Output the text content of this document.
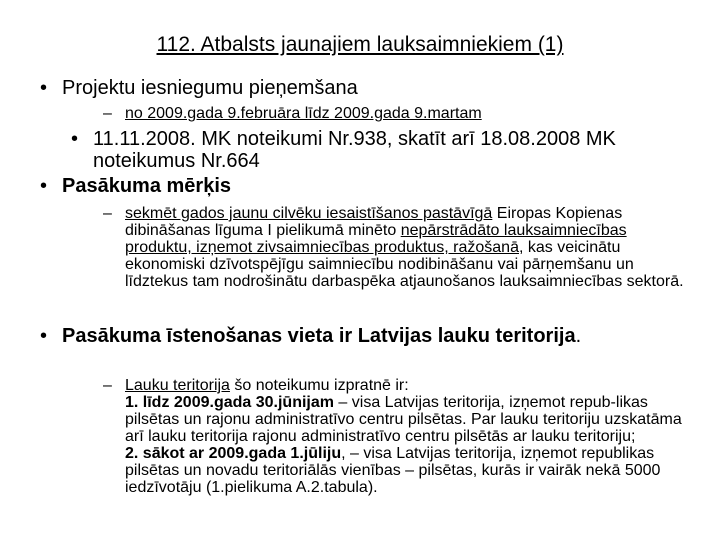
112. Atbalsts jaunajiem lauksaimniekiem (1)
• Projektu iesniegumu pieņemšana
– no 2009.gada 9.februāra līdz 2009.gada 9.martam
• 11.11.2008. MK noteikumi Nr.938, skatīt arī 18.08.2008 MK
noteikumus Nr.664
• Pasākuma mērķis
– sekmēt gados jaunu cilvēku iesaistīšanos pastāvīgā Eiropas Kopienas dibināšanas līguma I pielikumā minēto nepārstrādāto lauksaimniecības produktu, izņemot zivsaimniecības produktus, ražošanā, kas veicinātu ekonomiski dzīvotspējīgu saimniecību nodibināšanu vai pārņemšanu un līdztekus tam nodrošinātu darbaspēka atjaunošanos lauksaimniecības sektorā.
• Pasākuma īstenošanas vieta ir Latvijas lauku teritorija.
– Lauku teritorija šo noteikumu izpratnē ir:
1. līdz 2009.gada 30.jūnijam – visa Latvijas teritorija, izņemot repub-likas pilsētas un rajonu administratīvo centru pilsētas. Par lauku teritoriju uzskatāma arī lauku teritorija rajonu administratīvo centru pilsētās ar lauku teritoriju;
2. sākot ar 2009.gada 1.jūliju, – visa Latvijas teritorija, izņemot republikas pilsētas un novadu teritoriālās vienības – pilsētas, kurās ir vairāk nekā 5000 iedzīvotāju (1.pielikuma A.2.tabula).
